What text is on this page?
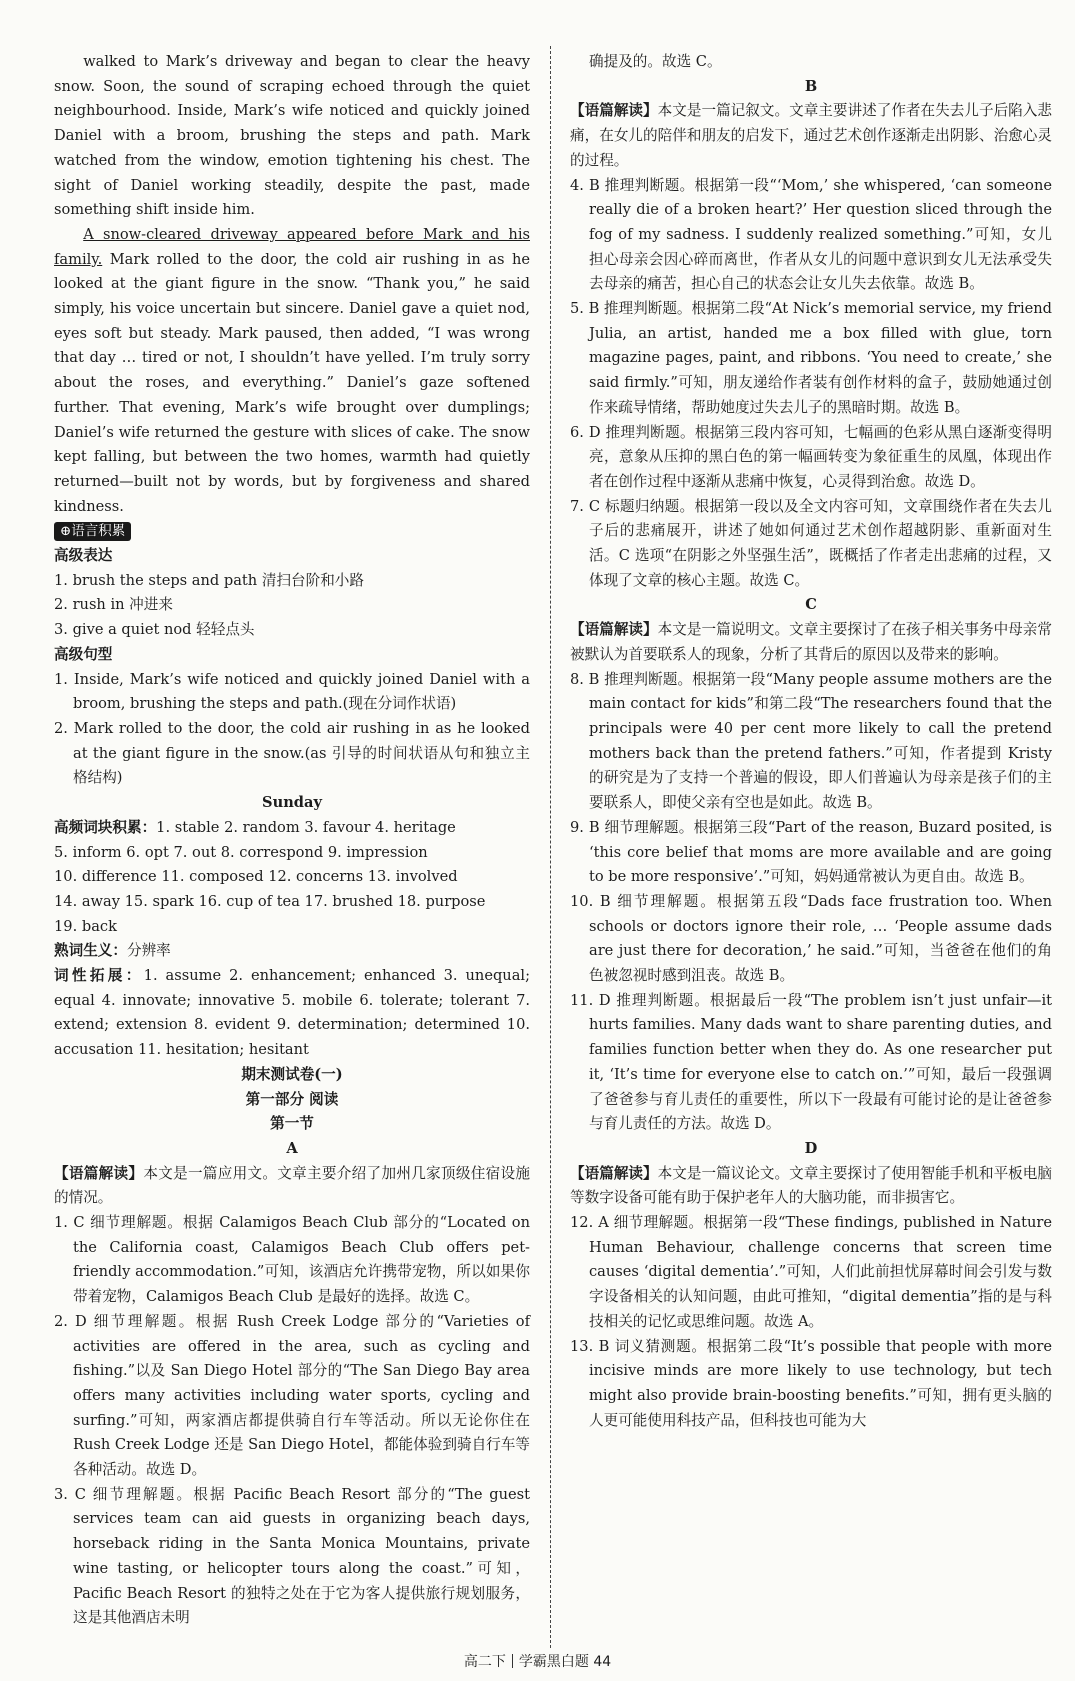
walked to Mark’s driveway and began to clear the heavy snow. Soon, the sound of scraping echoed through the quiet neighbourhood. Inside, Mark’s wife noticed and quickly joined Daniel with a broom, brushing the steps and path. Mark watched from the window, emotion tightening his chest. The sight of Daniel working steadily, despite the past, made something shift inside him.

A snow-cleared driveway appeared before Mark and his family. Mark rolled to the door, the cold air rushing in as he looked at the giant figure in the snow. “Thank you,” he said simply, his voice uncertain but sincere. Daniel gave a quiet nod, eyes soft but steady. Mark paused, then added, “I was wrong that day … tired or not, I shouldn’t have yelled. I’m truly sorry about the roses, and everything.” Daniel’s gaze softened further. That evening, Mark’s wife brought over dumplings; Daniel’s wife returned the gesture with slices of cake. The snow kept falling, but between the two homes, warmth had quietly returned—built not by words, but by forgiveness and shared kindness.

⊕语言积累

高级表达

1. brush the steps and path 清扫台阶和小路

2. rush in 冲进来

3. give a quiet nod 轻轻点头

高级句型

1. Inside, Mark’s wife noticed and quickly joined Daniel with a broom, brushing the steps and path.(现在分词作状语)

2. Mark rolled to the door, the cold air rushing in as he looked at the giant figure in the snow.(as 引导的时间状语从句和独立主格结构)

Sunday

高频词块积累：1. stable 2. random 3. favour 4. heritage

5. inform 6. opt 7. out 8. correspond 9. impression

10. difference 11. composed 12. concerns 13. involved

14. away 15. spark 16. cup of tea 17. brushed 18. purpose

19. back

熟词生义：分辨率

词性拓展：1. assume 2. enhancement; enhanced 3. unequal; equal 4. innovate; innovative 5. mobile 6. tolerate; tolerant 7. extend; extension 8. evident 9. determination; determined 10. accusation 11. hesitation; hesitant

期末测试卷(一)

第一部分 阅读

第一节

A

【语篇解读】本文是一篇应用文。文章主要介绍了加州几家顶级住宿设施的情况。

1. C 细节理解题。根据 Calamigos Beach Club 部分的“Located on the California coast, Calamigos Beach Club offers pet-friendly accommodation.”可知，该酒店允许携带宠物，所以如果你带着宠物，Calamigos Beach Club 是最好的选择。故选 C。

2. D 细节理解题。根据 Rush Creek Lodge 部分的“Varieties of activities are offered in the area, such as cycling and fishing.”以及 San Diego Hotel 部分的“The San Diego Bay area offers many activities including water sports, cycling and surfing.”可知，两家酒店都提供骑自行车等活动。所以无论你住在 Rush Creek Lodge 还是 San Diego Hotel，都能体验到骑自行车等各种活动。故选 D。

3. C 细节理解题。根据 Pacific Beach Resort 部分的“The guest services team can aid guests in organizing beach days, horseback riding in the Santa Monica Mountains, private wine tasting, or helicopter tours along the coast.”可知，Pacific Beach Resort 的独特之处在于它为客人提供旅行规划服务，这是其他酒店未明

确提及的。故选 C。

B

【语篇解读】本文是一篇记叙文。文章主要讲述了作者在失去儿子后陷入悲痛，在女儿的陪伴和朋友的启发下，通过艺术创作逐渐走出阴影、治愈心灵的过程。

4. B 推理判断题。根据第一段“‘Mom,’ she whispered, ‘can someone really die of a broken heart?’ Her question sliced through the fog of my sadness. I suddenly realized something.”可知，女儿担心母亲会因心碎而离世，作者从女儿的问题中意识到女儿无法承受失去母亲的痛苦，担心自己的状态会让女儿失去依靠。故选 B。

5. B 推理判断题。根据第二段“At Nick’s memorial service, my friend Julia, an artist, handed me a box filled with glue, torn magazine pages, paint, and ribbons. ‘You need to create,’ she said firmly.”可知，朋友递给作者装有创作材料的盒子，鼓励她通过创作来疏导情绪，帮助她度过失去儿子的黑暗时期。故选 B。

6. D 推理判断题。根据第三段内容可知，七幅画的色彩从黑白逐渐变得明亮，意象从压抑的黑白色的第一幅画转变为象征重生的凤凰，体现出作者在创作过程中逐渐从悲痛中恢复，心灵得到治愈。故选 D。

7. C 标题归纳题。根据第一段以及全文内容可知，文章围绕作者在失去儿子后的悲痛展开，讲述了她如何通过艺术创作超越阴影、重新面对生活。C 选项“在阴影之外坚强生活”，既概括了作者走出悲痛的过程，又体现了文章的核心主题。故选 C。

C

【语篇解读】本文是一篇说明文。文章主要探讨了在孩子相关事务中母亲常被默认为首要联系人的现象，分析了其背后的原因以及带来的影响。

8. B 推理判断题。根据第一段“Many people assume mothers are the main contact for kids”和第二段“The researchers found that the principals were 40 per cent more likely to call the pretend mothers back than the pretend fathers.”可知，作者提到 Kristy 的研究是为了支持一个普遍的假设，即人们普遍认为母亲是孩子们的主要联系人，即使父亲有空也是如此。故选 B。

9. B 细节理解题。根据第三段“Part of the reason, Buzard posited, is ‘this core belief that moms are more available and are going to be more responsive’.”可知，妈妈通常被认为更自由。故选 B。

10. B 细节理解题。根据第五段“Dads face frustration too. When schools or doctors ignore their role, … ‘People assume dads are just there for decoration,’ he said.”可知，当爸爸在他们的角色被忽视时感到沮丧。故选 B。

11. D 推理判断题。根据最后一段“The problem isn’t just unfair—it hurts families. Many dads want to share parenting duties, and families function better when they do. As one researcher put it, ‘It’s time for everyone else to catch on.’”可知，最后一段强调了爸爸参与育儿责任的重要性，所以下一段最有可能讨论的是让爸爸参与育儿责任的方法。故选 D。

D

【语篇解读】本文是一篇议论文。文章主要探讨了使用智能手机和平板电脑等数字设备可能有助于保护老年人的大脑功能，而非损害它。

12. A 细节理解题。根据第一段“These findings, published in Nature Human Behaviour, challenge concerns that screen time causes ‘digital dementia’.”可知，人们此前担忧屏幕时间会引发与数字设备相关的认知问题，由此可推知，“digital dementia”指的是与科技相关的记忆或思维问题。故选 A。

13. B 词义猜测题。根据第二段“It’s possible that people with more incisive minds are more likely to use technology, but tech might also provide brain-boosting benefits.”可知，拥有更头脑的人更可能使用科技产品，但科技也可能为大

高二下 学霸黑白题 44
